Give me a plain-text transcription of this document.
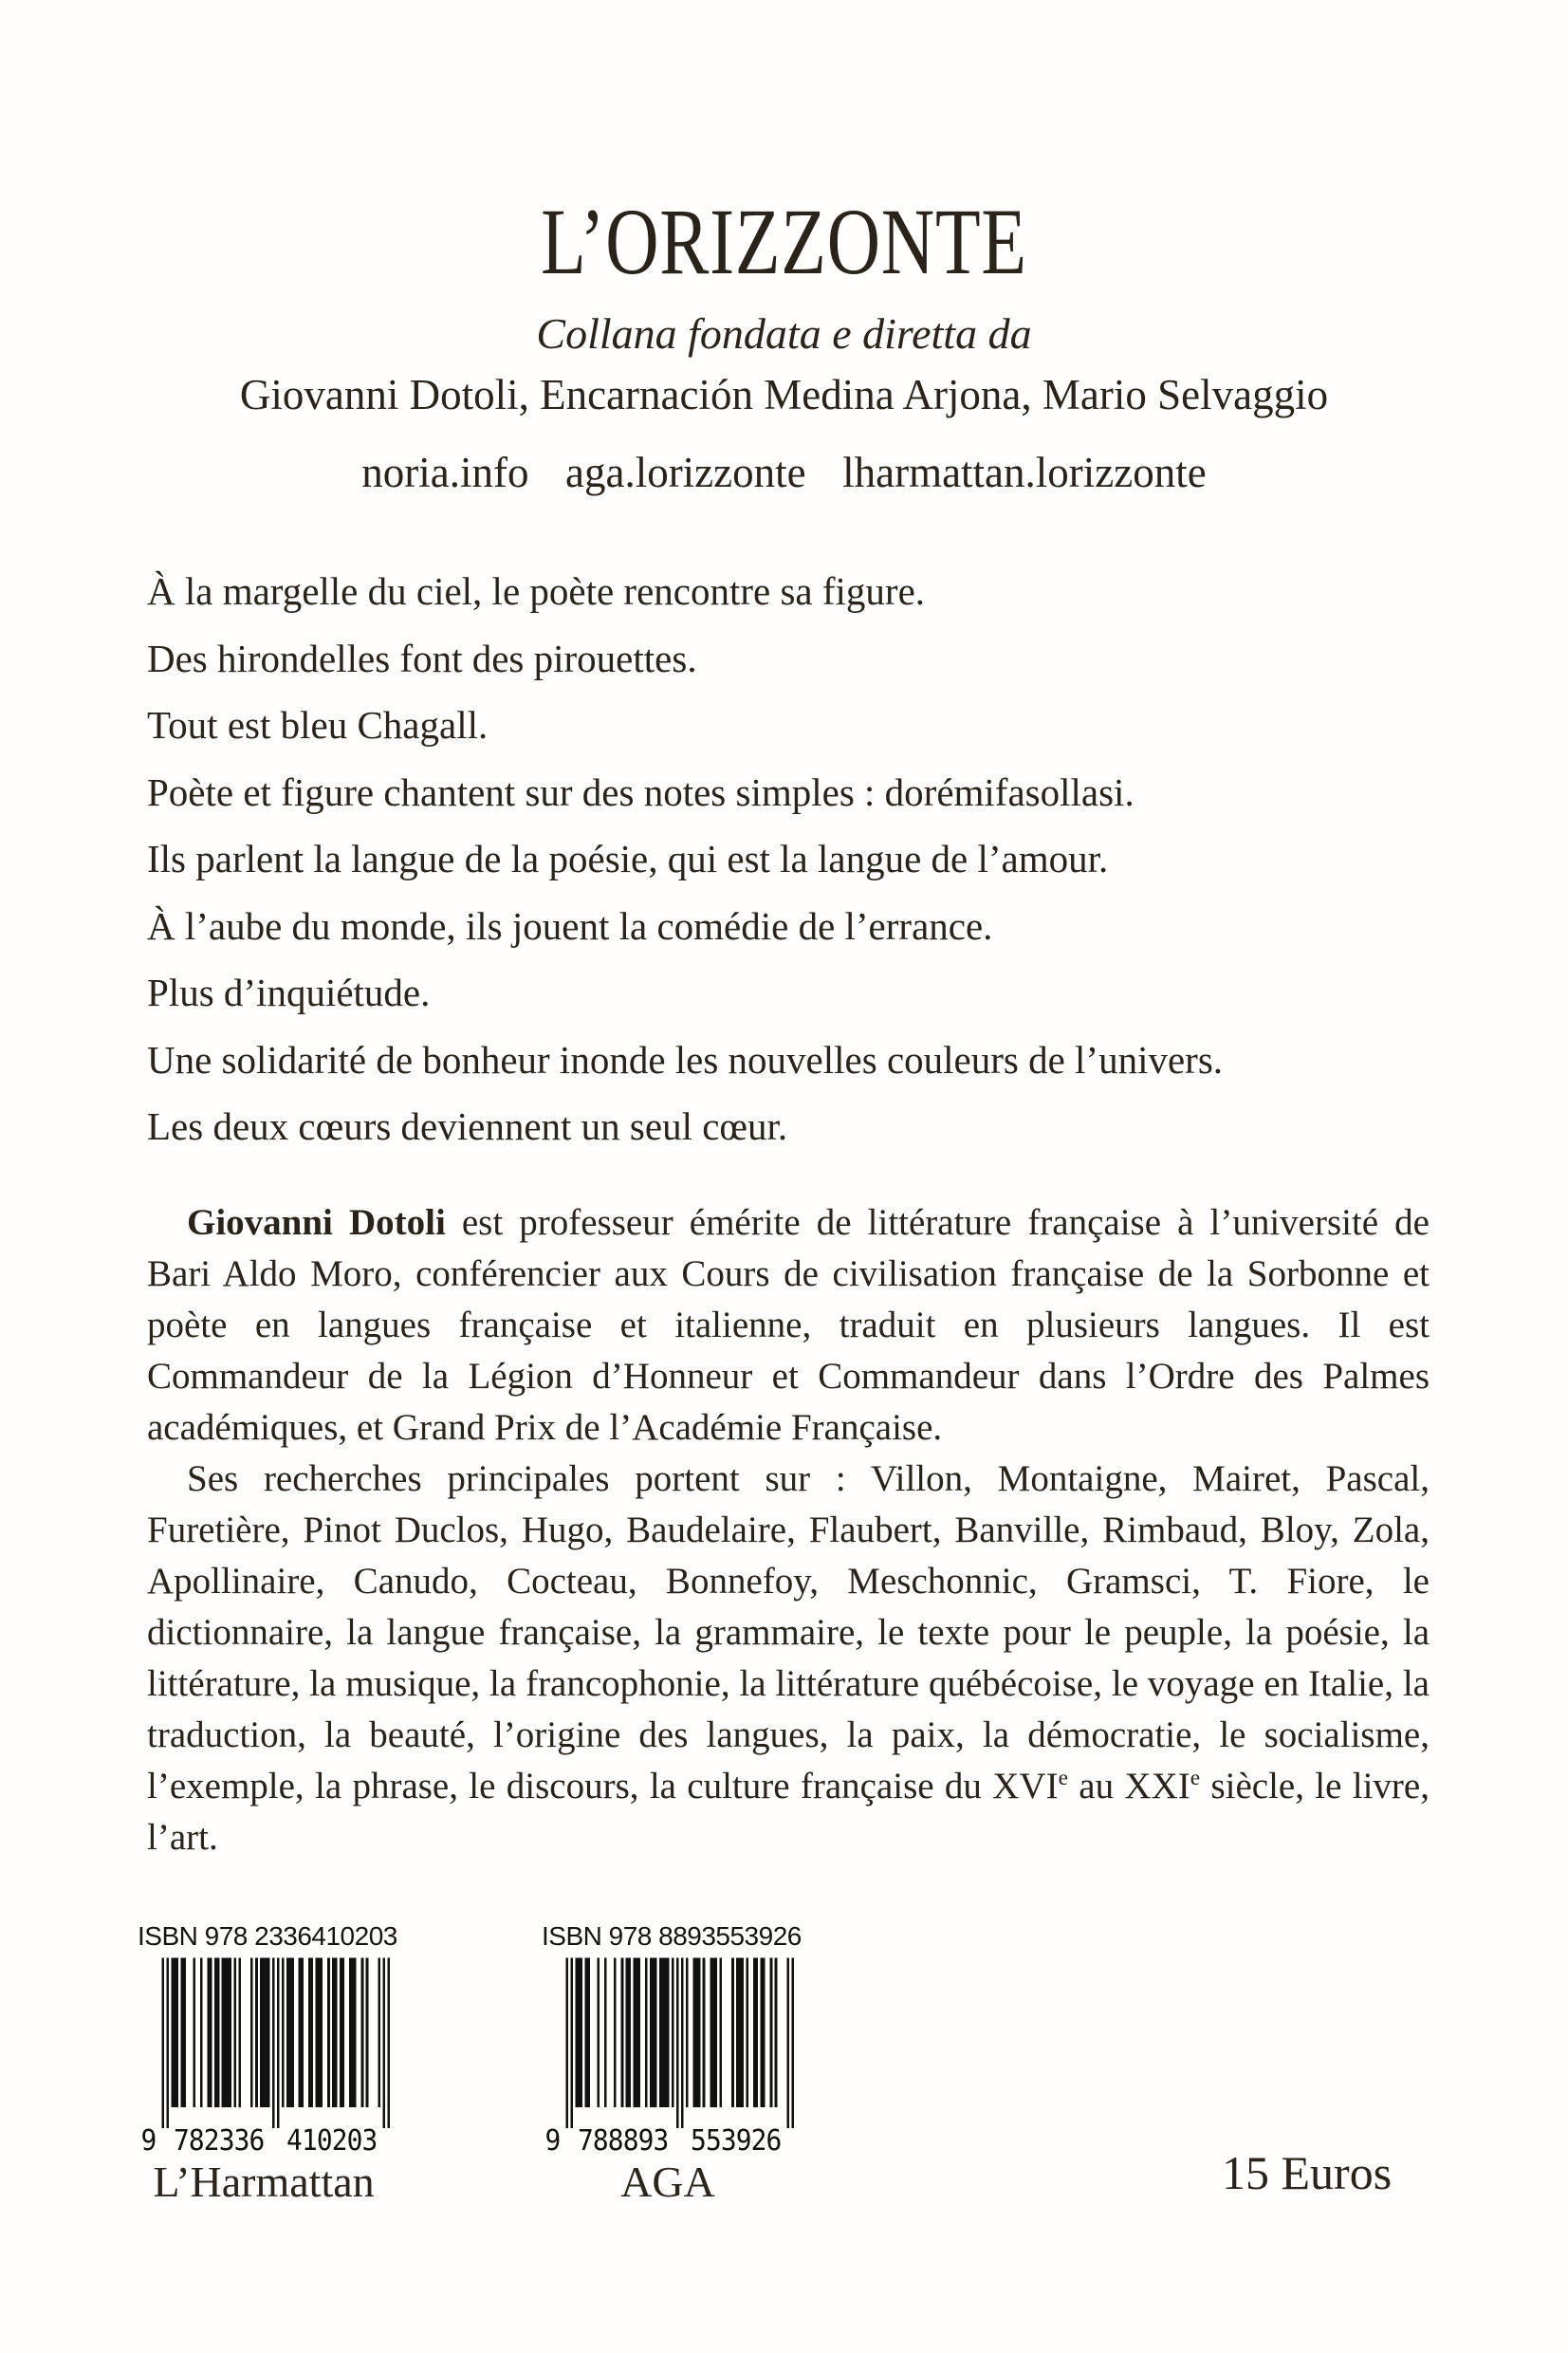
L’ORIZZONTE
Collana fondata e diretta da
Giovanni Dotoli, Encarnación Medina Arjona, Mario Selvaggio
noria.info  aga.lorizzonte  lharmattan.lorizzonte
À la margelle du ciel, le poète rencontre sa figure.
Des hirondelles font des pirouettes.
Tout est bleu Chagall.
Poète et figure chantent sur des notes simples : dorémifasollasi.
Ils parlent la langue de la poésie, qui est la langue de l’amour.
À l’aube du monde, ils jouent la comédie de l’errance.
Plus d’inquiétude.
Une solidarité de bonheur inonde les nouvelles couleurs de l’univers.
Les deux cœurs deviennent un seul cœur.

Giovanni Dotoli est professeur émérite de littérature française à l’université de Bari Aldo Moro, conférencier aux Cours de civilisation française de la Sorbonne et poète en langues française et italienne, traduit en plusieurs langues. Il est Commandeur de la Légion d’Honneur et Commandeur dans l’Ordre des Palmes académiques, et Grand Prix de l’Académie Française.

Ses recherches principales portent sur : Villon, Montaigne, Mairet, Pascal, Furetière, Pinot Duclos, Hugo, Baudelaire, Flaubert, Banville, Rimbaud, Bloy, Zola, Apollinaire, Canudo, Cocteau, Bonnefoy, Meschonnic, Gramsci, T. Fiore, le dictionnaire, la langue française, la grammaire, le texte pour le peuple, la poésie, la littérature, la musique, la francophonie, la littérature québécoise, le voyage en Italie, la traduction, la beauté, l’origine des langues, la paix, la démocratie, le socialisme, l’exemple, la phrase, le discours, la culture française du XVIe au XXIe siècle, le livre, l’art.

ISBN 978 2336410203
9 782336 410203
L’Harmattan
ISBN 978 8893553926
9 788893 553926
AGA	15 Euros
